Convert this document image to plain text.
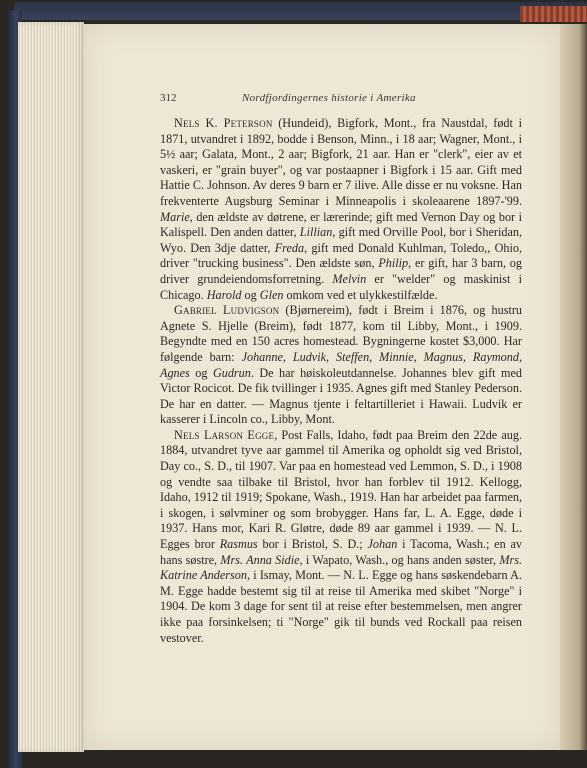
312	Nordfjordingernes historie i Amerika

Nels K. Peterson (Hundeid), Bigfork, Mont., fra Naustdal, født i 1871, utvandret i 1892, bodde i Benson, Minn., i 18 aar; Wagner, Mont., i 5½ aar; Galata, Mont., 2 aar; Bigfork, 21 aar. Han er "clerk", eier av et vaskeri, er "grain buyer", og var postaapner i Bigfork i 15 aar. Gift med Hattie C. Johnson. Av deres 9 barn er 7 ilive. Alle disse er nu voksne. Han frekventerte Augsburg Seminar i Minneapolis i skoleaarene 1897-'99. Marie, den ældste av døtrene, er lærerinde; gift med Vernon Day og bor i Kalispell. Den anden datter, Lillian, gift med Orville Pool, bor i Sheridan, Wyo. Den 3dje datter, Freda, gift med Donald Kuhlman, Toledo,, Ohio, driver "trucking business". Den ældste søn, Philip, er gift, har 3 barn, og driver grundeiendomsforretning. Melvin er "welder" og maskinist i Chicago. Harold og Glen omkom ved et ulykkestilfælde.

Gabriel Ludvigson (Bjørnereim), født i Breim i 1876, og hustru Agnete S. Hjelle (Breim), født 1877, kom til Libby, Mont., i 1909. Begyndte med en 150 acres homestead. Bygningerne kostet $3,000. Har følgende barn: Johanne, Ludvik, Steffen, Minnie, Magnus, Raymond, Agnes og Gudrun. De har høiskoleutdannelse. Johannes blev gift med Victor Rocicot. De fik tvillinger i 1935. Agnes gift med Stanley Pederson. De har en datter. — Magnus tjente i feltartilleriet i Hawaii. Ludvik er kasserer i Lincoln co., Libby, Mont.

Nels Larson Egge, Post Falls, Idaho, født paa Breim den 22de aug. 1884, utvandret tyve aar gammel til Amerika og opholdt sig ved Bristol, Day co., S. D., til 1907. Var paa en homestead ved Lemmon, S. D., i 1908 og vendte saa tilbake til Bristol, hvor han forblev til 1912. Kellogg, Idaho, 1912 til 1919; Spokane, Wash., 1919. Han har arbeidet paa farmen, i skogen, i sølvminer og som brobygger. Hans far, L. A. Egge, døde i 1937. Hans mor, Kari R. Gløtre, døde 89 aar gammel i 1939. — N. L. Egges bror Rasmus bor i Bristol, S. D.; Johan i Tacoma, Wash.; en av hans søstre, Mrs. Anna Sidie, i Wapato, Wash., og hans anden søster, Mrs. Katrine Anderson, i Ismay, Mont. — N. L. Egge og hans søskendebarn A. M. Egge hadde bestemt sig til at reise til Amerika med skibet "Norge" i 1904. De kom 3 dage for sent til at reise efter bestemmelsen, men angrer ikke paa forsinkelsen; ti "Norge" gik til bunds ved Rockall paa reisen vestover.
